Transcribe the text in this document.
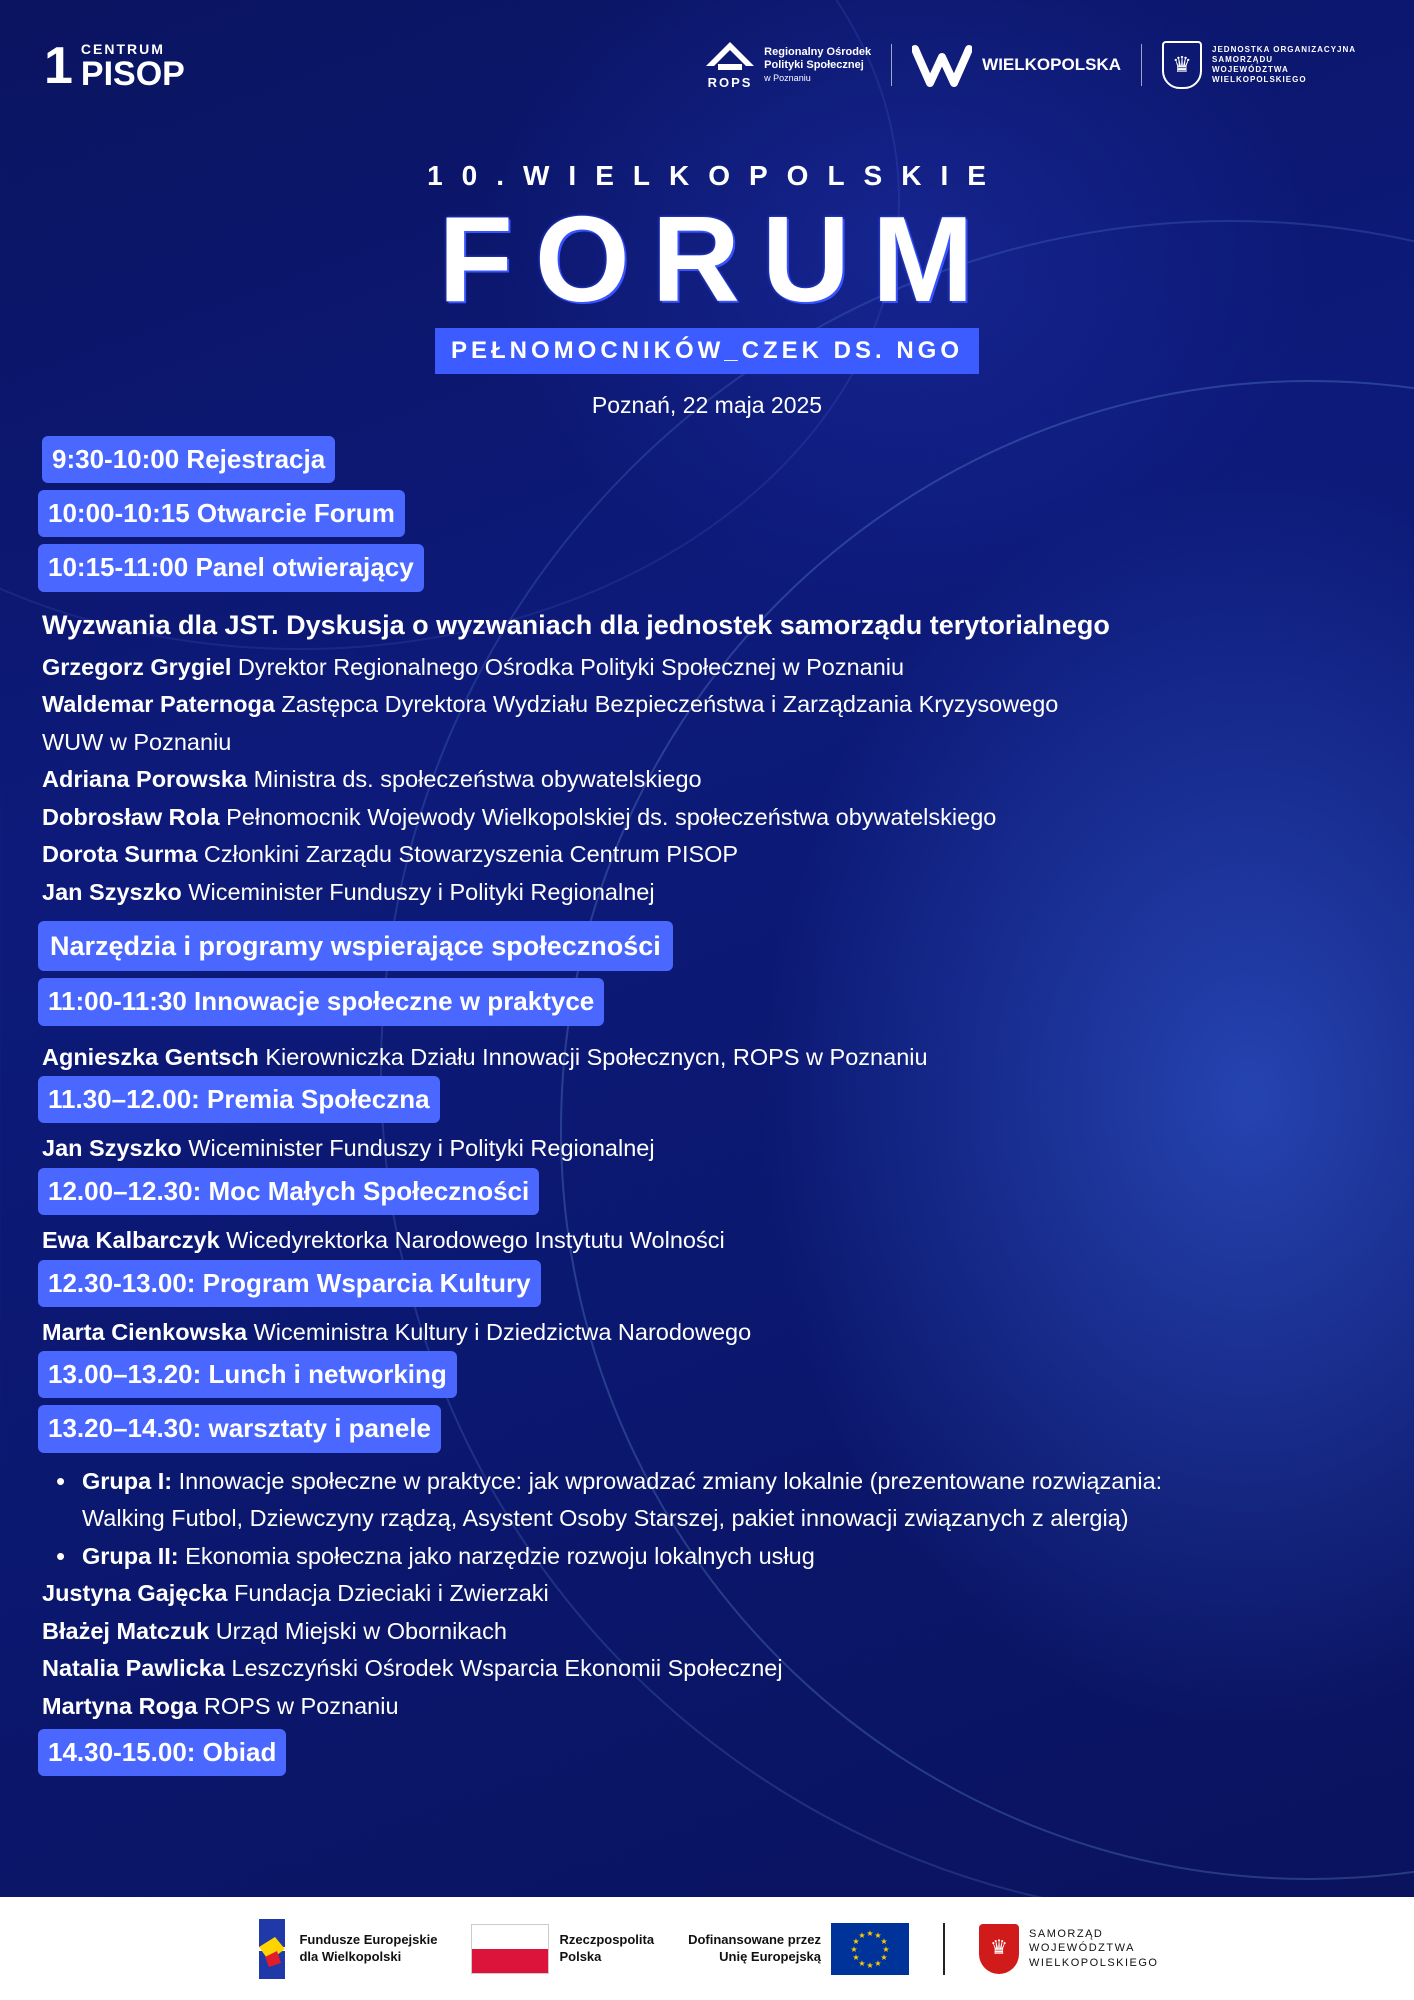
1 CENTRUM
PISOP	ROPS
Regionalny Ośrodek
Polityki Społecznej
w Poznaniu
WIELKOPOLSKA	♛
JEDNOSTKA ORGANIZACYJNA
SAMORZĄDU
WOJEWÓDZTWA
WIELKOPOLSKIEGO
10.WIELKOPOLSKIE
FORUM
PEŁNOMOCNIKÓW_CZEK DS. NGO
Poznań, 22 maja 2025
9:30-10:00 Rejestracja
10:00-10:15 Otwarcie Forum
10:15-11:00 Panel otwierający
Wyzwania dla JST. Dyskusja o wyzwaniach dla jednostek samorządu terytorialnego
Grzegorz Grygiel Dyrektor Regionalnego Ośrodka Polityki Społecznej w Poznaniu
Waldemar Paternoga Zastępca Dyrektora Wydziału Bezpieczeństwa i Zarządzania Kryzysowego
WUW w Poznaniu
Adriana Porowska Ministra ds. społeczeństwa obywatelskiego
Dobrosław Rola Pełnomocnik Wojewody Wielkopolskiej ds. społeczeństwa obywatelskiego
Dorota Surma Członkini Zarządu Stowarzyszenia Centrum PISOP
Jan Szyszko Wiceminister Funduszy i Polityki Regionalnej
Narzędzia i programy wspierające społeczności
11:00-11:30 Innowacje społeczne w praktyce
Agnieszka Gentsch Kierowniczka Działu Innowacji Społecznycn, ROPS w Poznaniu
11.30–12.00: Premia Społeczna
Jan Szyszko Wiceminister Funduszy i Polityki Regionalnej
12.00–12.30: Moc Małych Społeczności
Ewa Kalbarczyk Wicedyrektorka Narodowego Instytutu Wolności
12.30-13.00: Program Wsparcia Kultury
Marta Cienkowska Wiceministra Kultury i Dziedzictwa Narodowego
13.00–13.20: Lunch i networking
13.20–14.30: warsztaty i panele
• Grupa I: Innowacje społeczne w praktyce: jak wprowadzać zmiany lokalnie (prezentowane rozwiązania: Walking Futbol, Dziewczyny rządzą, Asystent Osoby Starszej, pakiet innowacji związanych z alergią)
• Grupa II: Ekonomia społeczna jako narzędzie rozwoju lokalnych usług
Justyna Gajęcka Fundacja Dzieciaki i Zwierzaki
Błażej Matczuk Urząd Miejski w Obornikach
Natalia Pawlicka Leszczyński Ośrodek Wsparcia Ekonomii Społecznej
Martyna Roga ROPS w Poznaniu
14.30-15.00: Obiad
Fundusze Europejskie
dla Wielkopolski
Rzeczpospolita
Polska
Dofinansowane przez
Unię Europejską
★ ★
★
★
★
★
★
★
★
★
★
★
♛
SAMORZĄD
WOJEWÓDZTWA
WIELKOPOLSKIEGO
